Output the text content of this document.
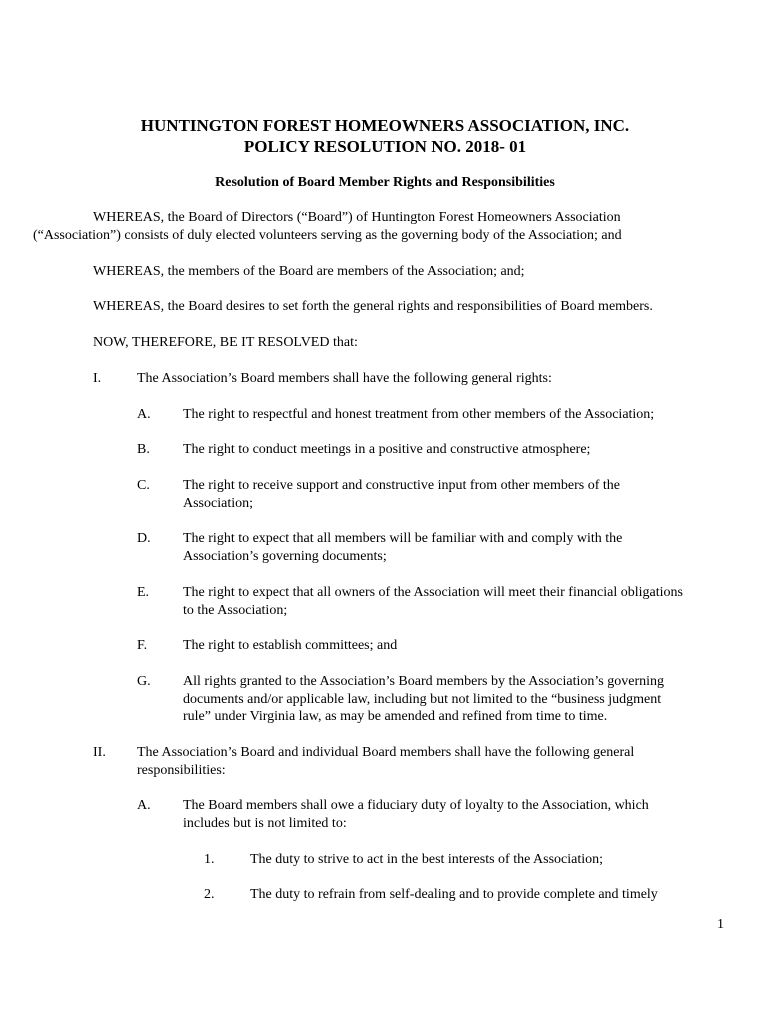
HUNTINGTON FOREST HOMEOWNERS ASSOCIATION, INC.
POLICY RESOLUTION NO. 2018- 01
Resolution of Board Member Rights and Responsibilities
WHEREAS, the Board of Directors (“Board”) of Huntington Forest Homeowners Association
(“Association”) consists of duly elected volunteers serving as the governing body of the Association; and
WHEREAS, the members of the Board are members of the Association; and;
WHEREAS, the Board desires to set forth the general rights and responsibilities of Board members.
NOW, THEREFORE, BE IT RESOLVED that:
I.	The Association’s Board members shall have the following general rights:
A. The right to respectful and honest treatment from other members of the Association;
B. The right to conduct meetings in a positive and constructive atmosphere;
C. The right to receive support and constructive input from other members of the
Association;
D. The right to expect that all members will be familiar with and comply with the
Association’s governing documents;
E. The right to expect that all owners of the Association will meet their financial obligations
to the Association;
F.	The right to establish committees; and
G. All rights granted to the Association’s Board members by the Association’s governing
documents and/or applicable law, including but not limited to the “business judgment
rule” under Virginia law, as may be amended and refined from time to time.
II. The Association’s Board and individual Board members shall have the following general
responsibilities:
A. The Board members shall owe a fiduciary duty of loyalty to the Association, which
includes but is not limited to:
1.	The duty to strive to act in the best interests of the Association;
2.	The duty to refrain from self-dealing and to provide complete and timely
1
